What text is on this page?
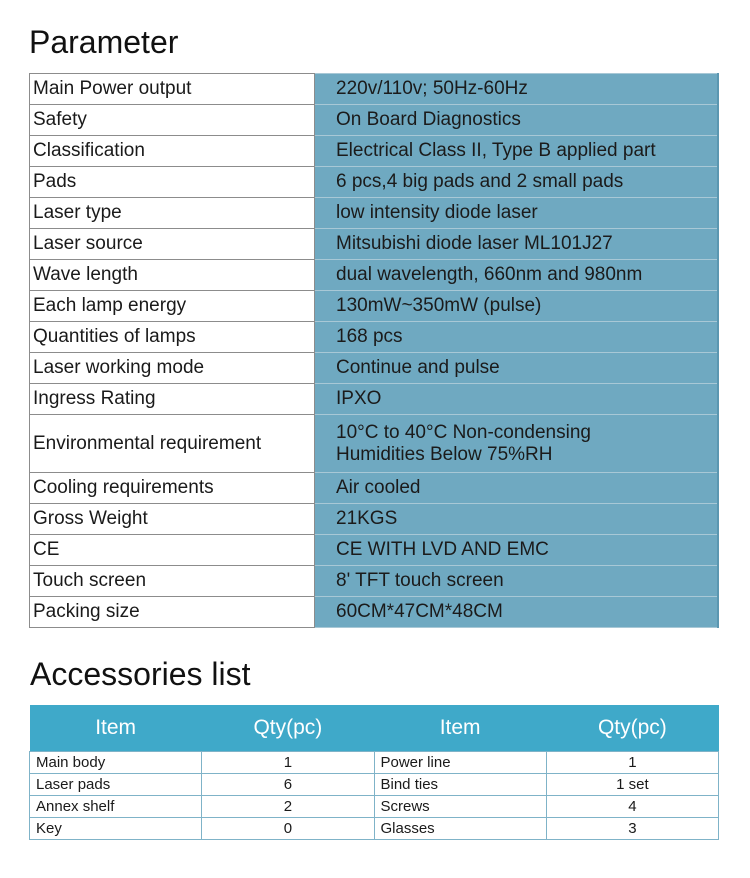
Parameter
Main Power output	220v/110v; 50Hz-60Hz
Safety	On Board Diagnostics
Classification	Electrical Class II, Type B applied part
Pads	6 pcs,4 big pads and 2 small pads
Laser type	low intensity diode laser
Laser source	Mitsubishi diode laser ML101J27
Wave length	dual wavelength, 660nm and 980nm
Each lamp energy	130mW~350mW (pulse)
Quantities of lamps	168 pcs
Laser working mode	Continue and pulse
Ingress Rating	IPXO
Environmental requirement	10°C to 40°C Non-condensing
Humidities Below 75%RH

Cooling requirements	Air cooled
Gross Weight	21KGS
CE	CE WITH LVD AND EMC
Touch screen	8' TFT touch screen
Packing size	60CM*47CM*48CM
Accessories list
Item	Qty(pc)	Item	Qty(pc)
Main body	1	Power line	1
Laser pads	6	Bind ties	1 set
Annex shelf	2	Screws	4
Key	0	Glasses	3
